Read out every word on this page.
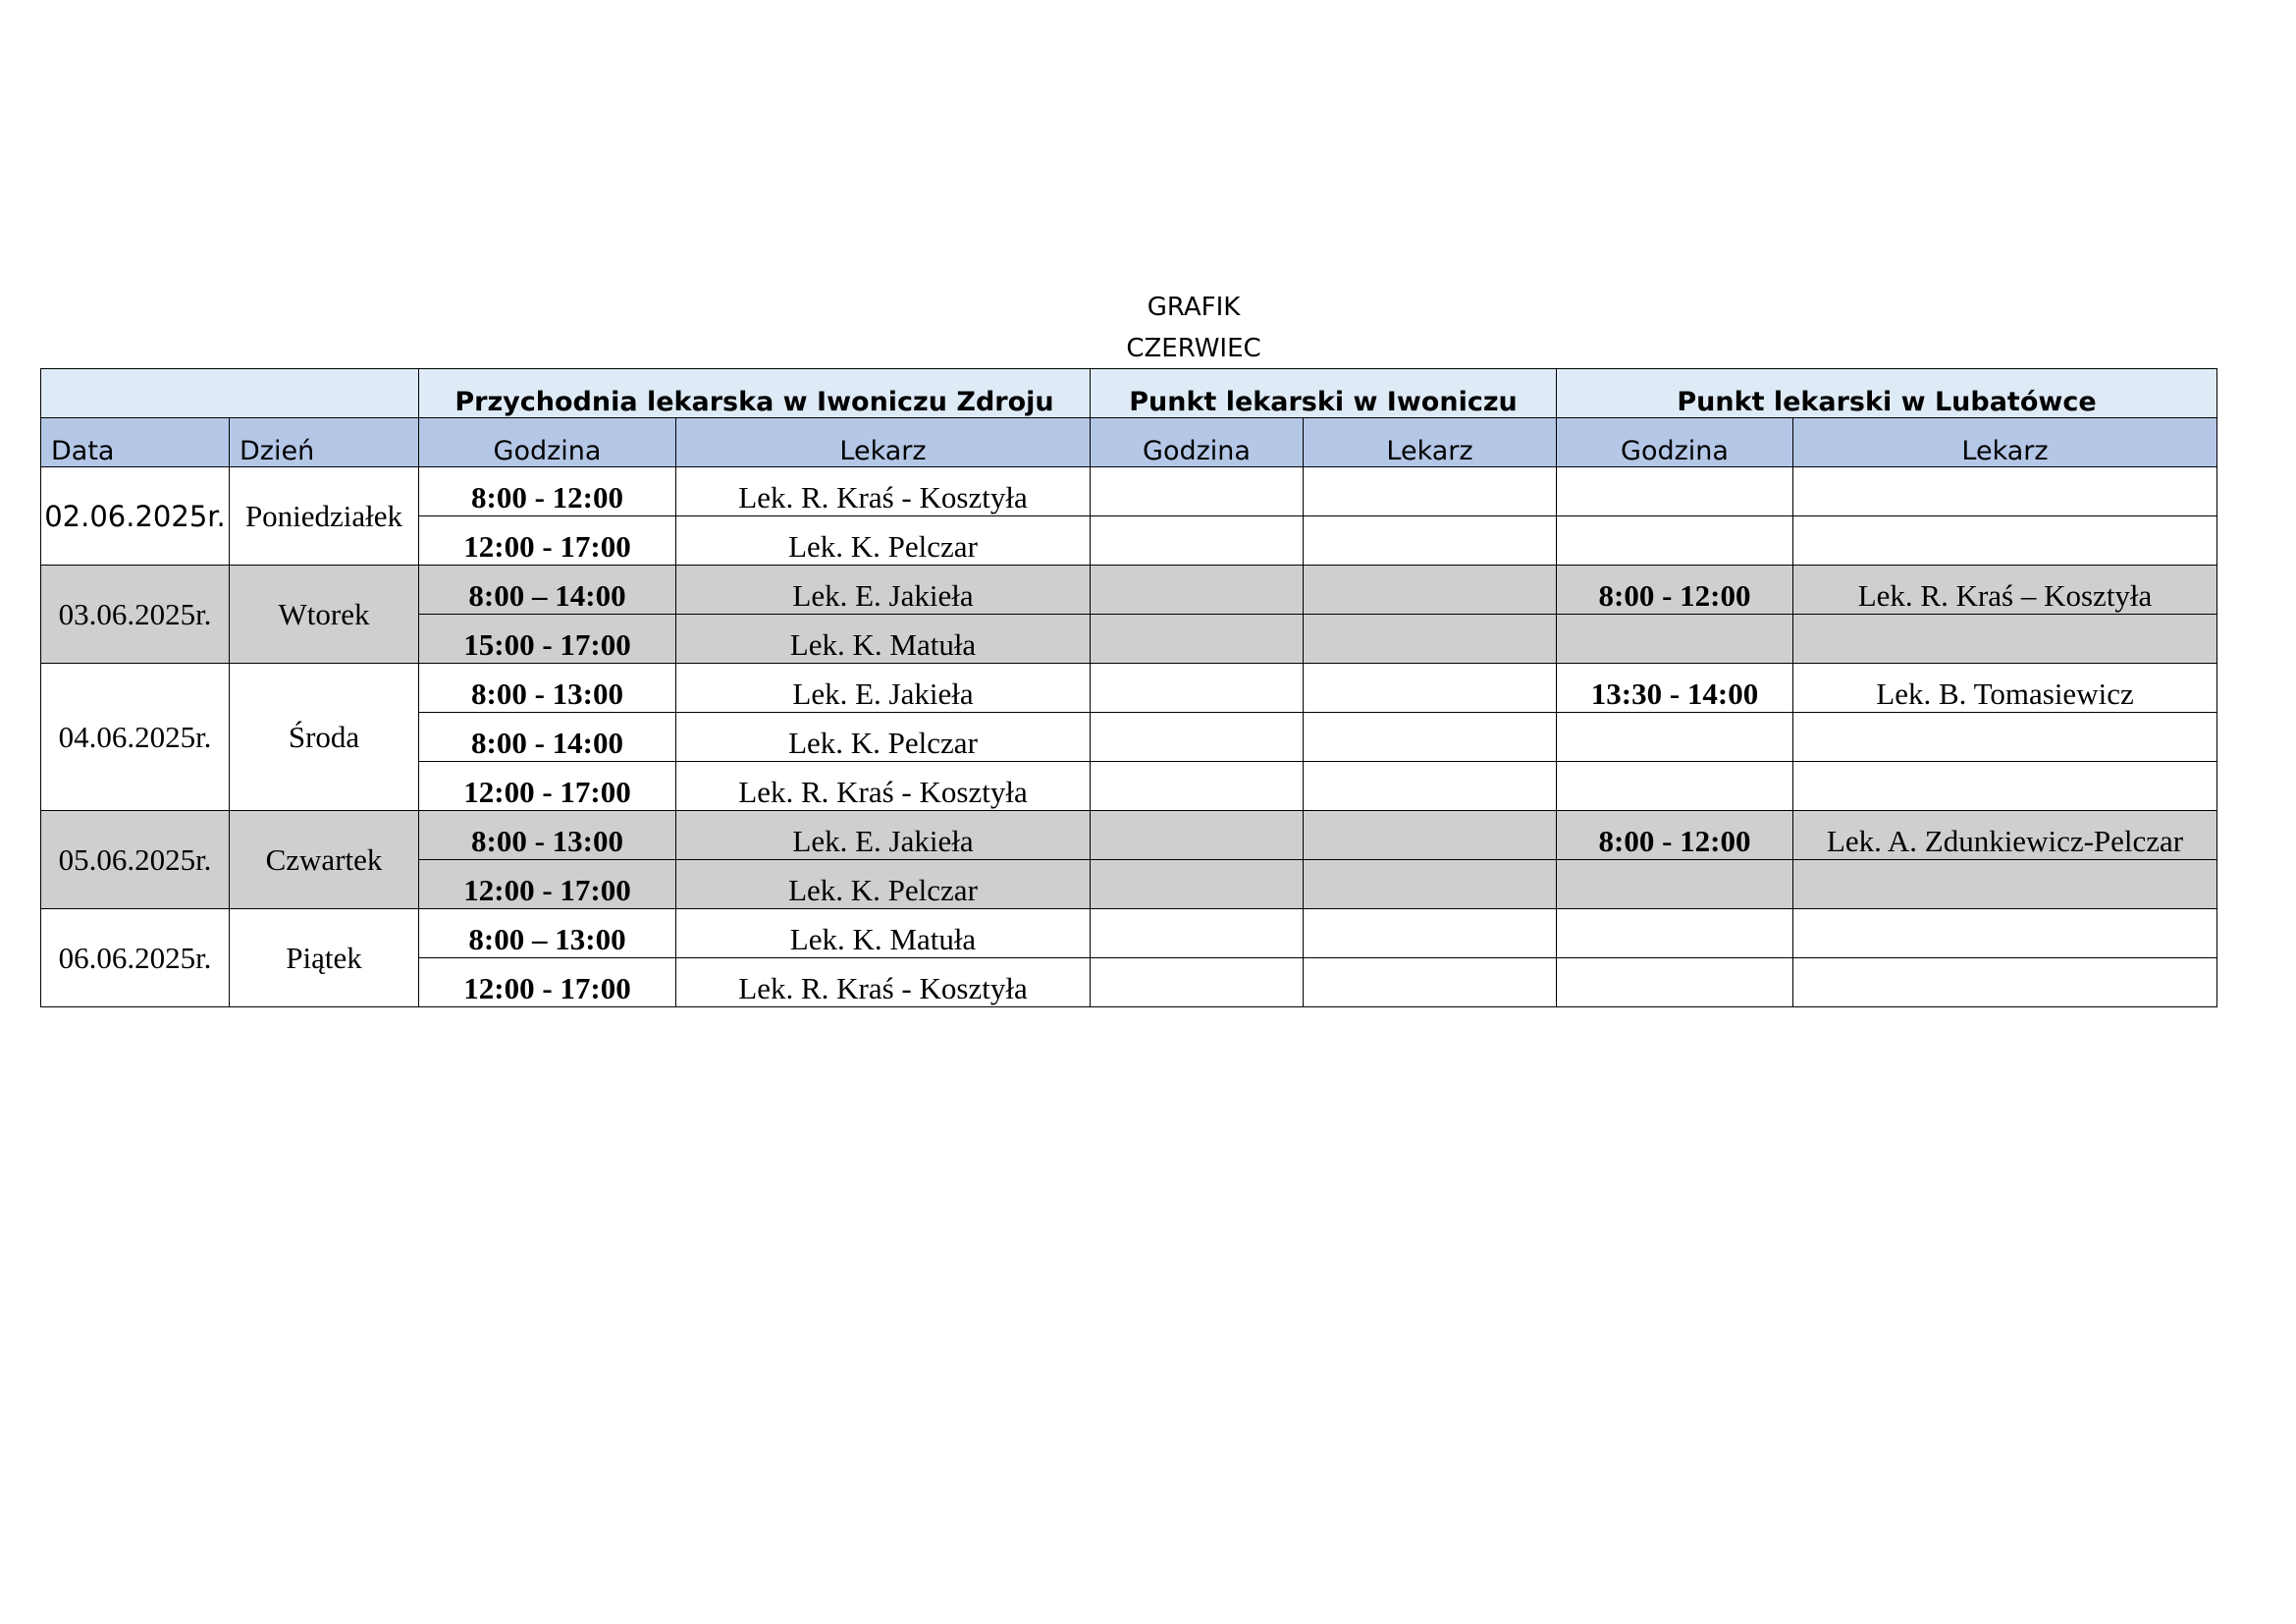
GRAFIK
CZERWIEC
		Przychodnia lekarska w Iwoniczu Zdroju		Punkt lekarski w Iwoniczu		Punkt lekarski w Lubatówce	
Data	Dzień	Godzina	Lekarz	Godzina	Lekarz	Godzina	Lekarz
02.06.2025r.	Poniedziałek	8:00 - 12:00	Lek. R. Kraś - Kosztyła				
		12:00 - 17:00	Lek. K. Pelczar				
03.06.2025r.	Wtorek	8:00 – 14:00	Lek. E. Jakieła			8:00 - 12:00	Lek. R. Kraś – Kosztyła
		15:00 - 17:00	Lek. K. Matuła				
04.06.2025r.	Środa	8:00 - 13:00	Lek. E. Jakieła			13:30 - 14:00	Lek. B. Tomasiewicz
		8:00 - 14:00	Lek. K. Pelczar				
		12:00 - 17:00	Lek. R. Kraś - Kosztyła				
05.06.2025r.	Czwartek	8:00 - 13:00	Lek. E. Jakieła			8:00 - 12:00	Lek. A. Zdunkiewicz-Pelczar
		12:00 - 17:00	Lek. K. Pelczar				
06.06.2025r.	Piątek	8:00 – 13:00	Lek. K. Matuła				
		12:00 - 17:00	Lek. R. Kraś - Kosztyła				
